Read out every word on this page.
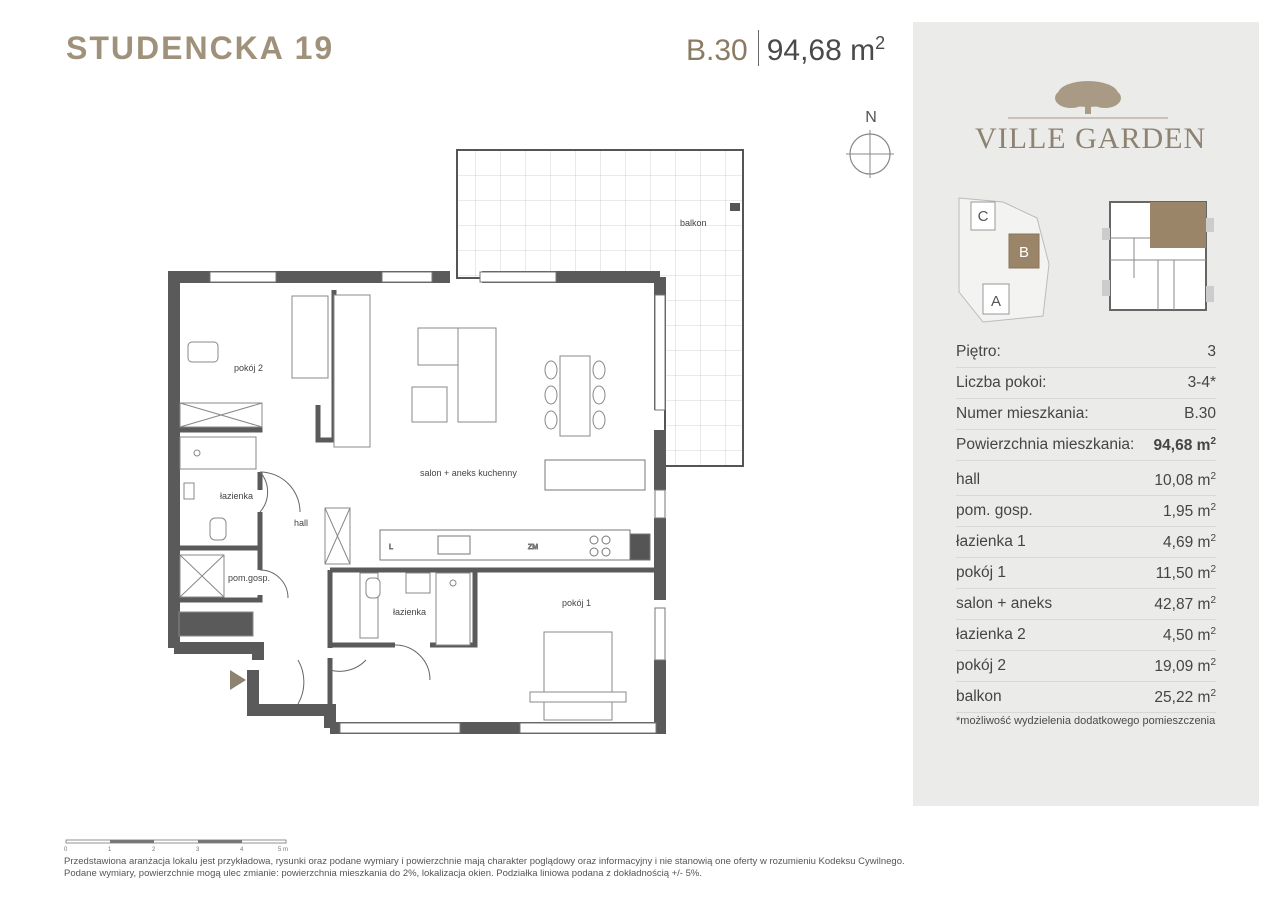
STUDENCKA 19	B.30 94,68 $m^2$
N
L	ZM
balkon
salon + aneks kuchenny
pokój 2
łazienka
hall
pom.gosp.
łazienka
pokój 1
VILLE GARDEN
C
B
A
Piętro:	3
Liczba pokoi:	3-4*
Numer mieszkania:	B.30
Powierzchnia mieszkania: 94,68 $m^2$
hall	10,08 $m^2$
pom. gosp.	1,95 $m^2$
łazienka 1	4,69 $m^2$
pokój 1	11,50 $m^2$
salon + aneks	42,87 $m^2$
łazienka 2	4,50 $m^2$
pokój 2	19,09 $m^2$
balkon	25,22 $m^2$
*możliwość wydzielenia dodatkowego pomieszczenia
0	1	2	3	4	5 m
Przedstawiona aranżacja lokalu jest przykładowa, rysunki oraz podane wymiary i powierzchnie mają charakter poglądowy oraz informacyjny i nie stanowią one oferty w rozumieniu Kodeksu Cywilnego.
Podane wymiary, powierzchnie mogą ulec zmianie: powierzchnia mieszkania do 2%, lokalizacja okien. Podziałka liniowa podana z dokładnością +/- 5%.
